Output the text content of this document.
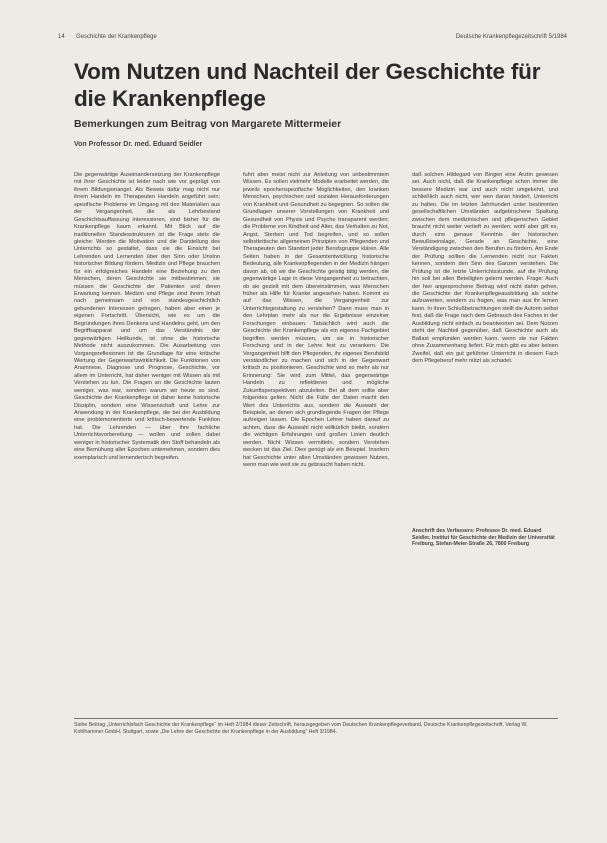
14 Geschichte der Krankenpflege	Deutsche Krankenpflegezeitschrift 5/1984
Vom Nutzen und Nachteil der Geschichte für die Krankenpflege
Bemerkungen zum Beitrag von Margarete Mittermeier
Von Professor Dr. med. Eduard Seidler

Die gegenwärtige Auseinandersetzung der Krankenpflege mit ihrer Geschichte ist leider nach wie vor geprägt von ihrem Bildungsmangel. Als Beweis dafür mag nicht nur ihrem Handeln im Therapeuten Handeln angeführt sein; spezifische Probleme im Umgang mit den Materialien aus der Vergangenheit, die als Lehrbestand Geschichtsauffassung interessieren, sind bisher für die Krankenpflege kaum erkannt. Mit Blick auf die traditionellen Standesstrukturen ist die Frage stets die gleiche: Werden die Motivation und die Darstellung des Unterrichts so gestaltet, dass sie die Einsicht bei Lehrenden und Lernenden über den Sinn oder Unsinn historischer Bildung fördern. Medizin und Pflege brauchen für ein erfolgreiches Handeln eine Beziehung zu den Menschen, deren Geschichte sie mitbestimmen; sie müssen die Geschichte der Patienten und deren Erwartung kennen. Medizin und Pflege sind ihrem Inhalt nach gemeinsam und von standesgeschichtlich gebundenen Interessen getragen, haben aber einen je eigenen Fortschritt. Übersicht, wie es um die Begründungen ihres Denkens und Handelns geht, um den Begriffsapparat und um das Verständnis der gegenwärtigen Heilkunde, ist ohne die historische Methode nicht auszukommen. Die Ausarbeitung von Vorgangsreflexionen ist die Grundlage für eine kritische Wertung der Gegenwartswirklichkeit. Die Funktionen von Anamnese, Diagnose und Prognose, Geschichte, vor allem im Unterricht, hat daher weniger mit Wissen als mit Verstehen zu tun. Die Fragen an die Geschichte lauten weniger, was war, sondern warum wir heute so sind. Geschichte der Krankenpflege ist daher keine historische Disziplin, sondern eine Wissenschaft und Lehre zur Anwendung in der Krankenpflege, die bei der Ausbildung eine problemorientierte und kritisch-bewertende Funktion hat. Die Lehrenden — über ihre fachliche Unterrichtsvorbereitung — wollen und sollen dabei weniger in historischer Systematik den Stoff behandeln als eine Bemühung aller Epochen unternehmen, sondern dies exemplarisch und lernenderisch begreifen.

fuhrt aber meist nicht zur Anleitung von unbestimmtem Wissen. Es sollen vielmehr Modelle erarbeitet werden, die jeweils epochenspezifische Möglichkeiten, den kranken Menschen, psychischen und sozialen Herausforderungen von Krankheit und Gesundheit zu begegnen. So sollen die Grundlagen unserer Vorstellungen von Krankheit und Gesundheit von Physis und Psyche transparent werden; die Probleme von Kindheit und Alter, das Verhalten zu Not, Angst, Sterben und Tod begreifen, und so sollen selbstkritische allgemeinen Prinzipien von Pflegenden und Therapeuten den Standort jeder Berufsgruppe klären. Alle Seiten haben in der Gesamtentwicklung historische Bedeutung, alle Krankenpflegenden in der Medizin hängen davon ab, ob wir die Geschichte geistig tätig werden, die gegenwärtige Lage in diese Vergangenheit zu betrachten, ob sie gezielt mit dem übereinstimmen, was Menschen früher als Hilfe für Kranke angesehen haben. Kommt es auf das Wissen, die Vergangenheit zur Unterrichtsgestaltung zu verstehen? Dann muss man in den Lehrplan mehr als nur die Ergebnisse einzelner Forschungen einbauen. Tatsächlich wird auch die Geschichte der Krankenpflege als ein eigenes Fachgebiet begriffen werden müssen, um sie in historischer Forschung und in der Lehre fest zu verankern. Die Vergangenheit hilft den Pflegenden, ihr eigenes Berufsbild verständlicher zu machen und sich in der Gegenwart kritisch zu positionieren. Geschichte wird so mehr als nur Erinnerung: Sie wird zum Mittel, das gegenwärtige Handeln zu reflektieren und mögliche Zukunftsperspektiven abzuleiten. Bei all dem sollte aber folgendes gelten: Nicht die Fülle der Daten macht den Wert des Unterrichts aus, sondern die Auswahl der Beispiele, an denen sich grundlegende Fragen der Pflege aufzeigen lassen. Die Epochen Lehrer haben darauf zu achten, dass die Auswahl nicht willkürlich bleibt, sondern die wichtigen Erfahrungen und großen Linien deutlich werden. Nicht Wissen vermitteln, sondern Verstehen wecken ist das Ziel. Dies genügt als ein Beispiel. Insofern hat Geschichte unter allen Umständen gewissen Nutzen, wenn man wie weit sie zu gebraucht haben nicht.

daß solchen Hildegard von Bingen eine Ärztin gewesen sei. Auch nicht, daß die Krankenpflege schon immer die bessere Medizin war und auch nicht umgekehrt, und schließlich auch nicht, wer wen daran hindert, Unterricht zu halten. Die im letzten Jahrhundert unter bestimmten gesellschaftlichen Umständen aufgebrochene Spaltung zwischen dem medizinischen und pflegerischen Gebiet braucht nicht weiter vertieft zu werden; wohl aber gilt es, durch eine genaue Kenntnis der historischen Bewußtseinslage, Gerade an Geschichte, eine Verständigung zwischen den Berufen zu fördern. Am Ende der Prüfung sollten die Lernenden nicht nur Fakten kennen, sondern den Sinn des Ganzen verstehen. Die Prüfung ist die letzte Unterrichtsstunde, auf die Prüfung hin soll bei allen Beteiligten gelernt werden. Frage: Auch der hier angesprochene Beitrag wird nicht dahin gehen, die Geschichte der Krankenpflegeausbildung als solche aufzuwerten, sondern zu fragen, was man aus ihr lernen kann. In ihren Schlußbetrachtungen stellt die Autorin selbst fest, daß die Frage nach dem Gebrauch des Faches in der Ausbildung nicht einfach zu beantworten sei. Dem Nutzen steht der Nachteil gegenüber, daß Geschichte auch als Ballast empfunden werden kann, wenn sie nur Fakten ohne Zusammenhang liefert. Für mich gibt es aber keinen Zweifel, daß ein gut geführter Unterricht in diesem Fach dem Pflegeberuf mehr nützt als schadet.

Anschrift des Verfassers: Professor Dr. med. Eduard Seidler, Institut für Geschichte der Medizin der Universität Freiburg, Stefan-Meier-Straße 26, 7800 Freiburg
Siehe Beitrag „Unterrichtsfach Geschichte der Krankenpflege“ im Heft 2/1984 dieser Zeitschrift, herausgegeben vom Deutschen Krankenpflegeverband, Deutsche Krankenpflegezeitschrift, Verlag W. Kohlhammer GmbH, Stuttgart, sowie „Die Lehre der Geschichte der Krankenpflege in der Ausbildung“ Heft 3/1984.
